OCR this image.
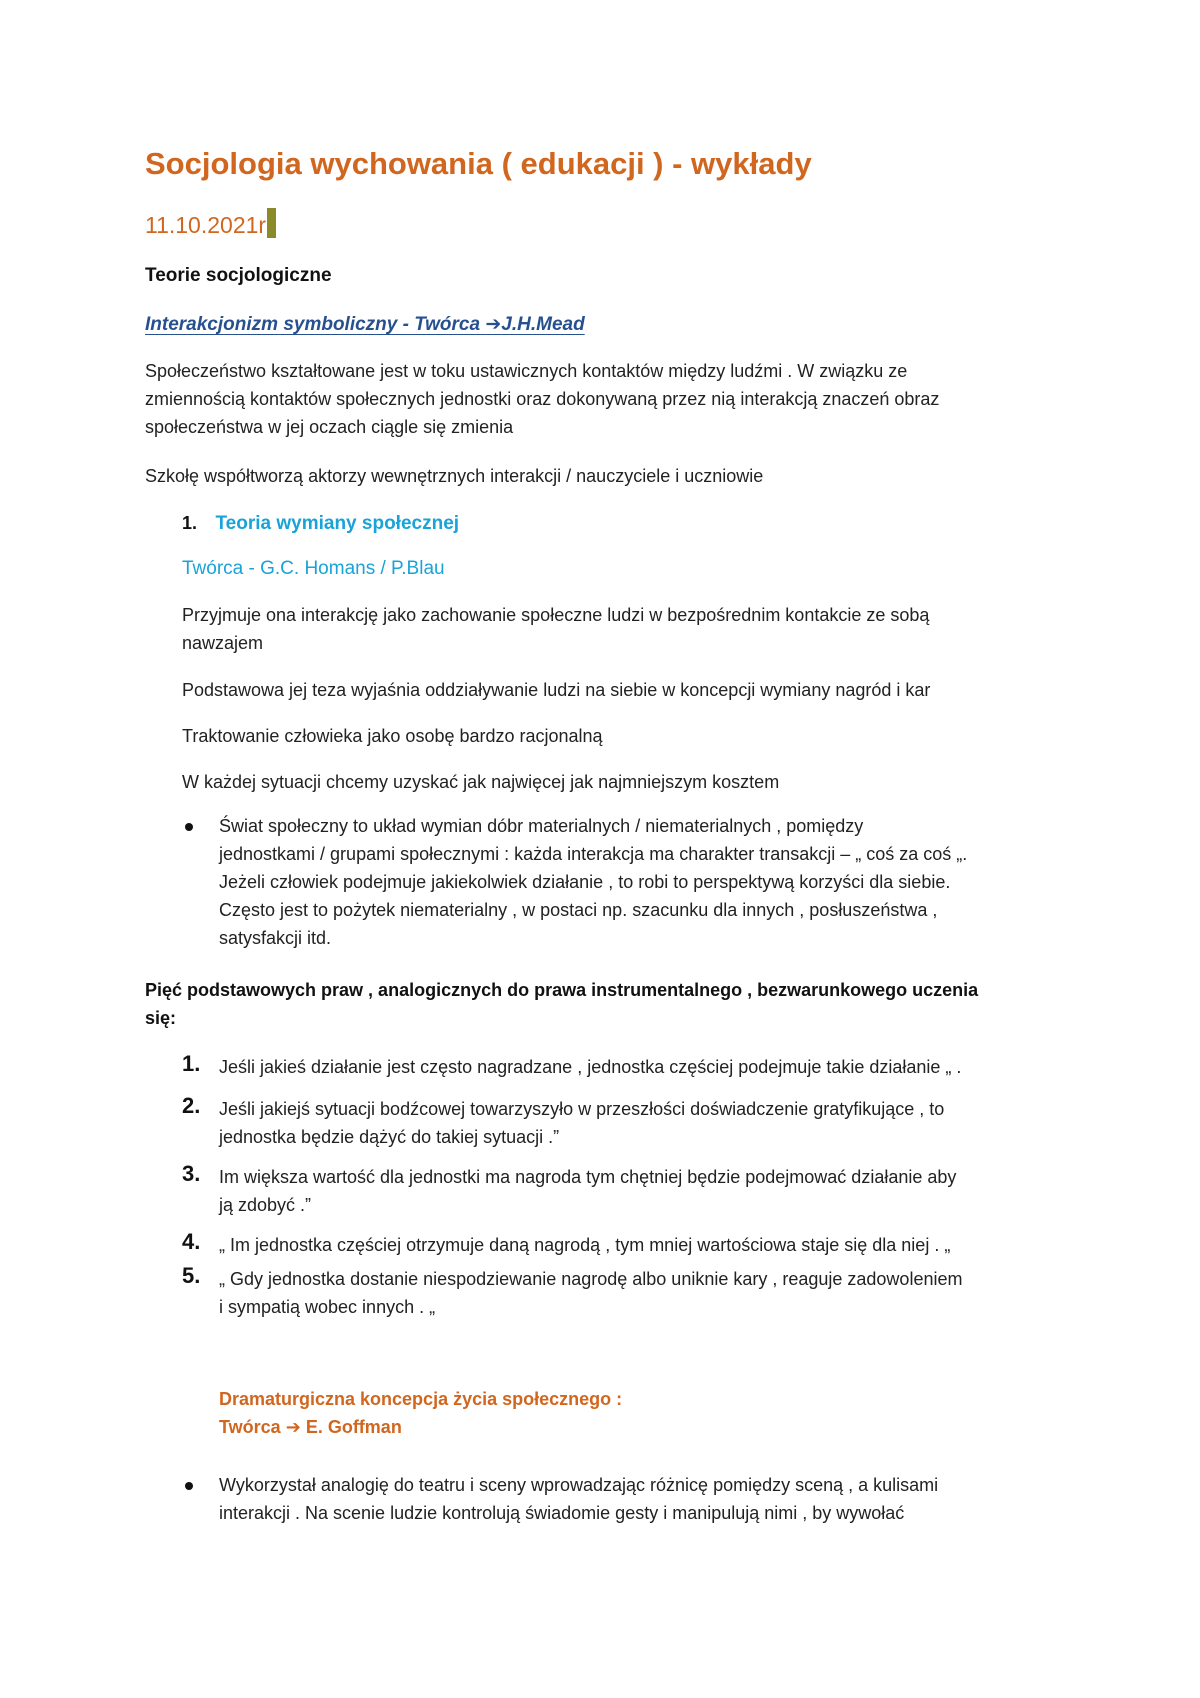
Socjologia wychowania ( edukacji ) - wykłady
11.10.2021r
Teorie socjologiczne
Interakcjonizm symboliczny - Twórca ➔J.H.Mead
Społeczeństwo kształtowane jest w toku ustawicznych kontaktów między ludźmi . W związku ze
zmiennością kontaktów społecznych jednostki oraz dokonywaną przez nią interakcją znaczeń obraz
społeczeństwa w jej oczach ciągle się zmienia
Szkołę współtworzą aktorzy wewnętrznych interakcji / nauczyciele i uczniowie
1. Teoria wymiany społecznej
Twórca - G.C. Homans / P.Blau
Przyjmuje ona interakcję jako zachowanie społeczne ludzi w bezpośrednim kontakcie ze sobą
nawzajem
Podstawowa jej teza wyjaśnia oddziaływanie ludzi na siebie w koncepcji wymiany nagród i kar
Traktowanie człowieka jako osobę bardzo racjonalną
W każdej sytuacji chcemy uzyskać jak najwięcej jak najmniejszym kosztem
Świat społeczny to układ wymian dóbr materialnych / niematerialnych , pomiędzy
jednostkami / grupami społecznymi : każda interakcja ma charakter transakcji – „ coś za coś „.
Jeżeli człowiek podejmuje jakiekolwiek działanie , to robi to perspektywą korzyści dla siebie.
Często jest to pożytek niematerialny , w postaci np. szacunku dla innych , posłuszeństwa ,
satysfakcji itd.
Pięć podstawowych praw , analogicznych do prawa instrumentalnego , bezwarunkowego uczenia
się:
1. Jeśli jakieś działanie jest często nagradzane , jednostka częściej podejmuje takie działanie „ .
2. Jeśli jakiejś sytuacji bodźcowej towarzyszyło w przeszłości doświadczenie gratyfikujące , to
jednostka będzie dążyć do takiej sytuacji .”
3. Im większa wartość dla jednostki ma nagroda tym chętniej będzie podejmować działanie aby
ją zdobyć .”
4. „ Im jednostka częściej otrzymuje daną nagrodą , tym mniej wartościowa staje się dla niej . „
5. „ Gdy jednostka dostanie niespodziewanie nagrodę albo uniknie kary , reaguje zadowoleniem
i sympatią wobec innych . „
Dramaturgiczna koncepcja życia społecznego :
Twórca ➔ E. Goffman
Wykorzystał analogię do teatru i sceny wprowadzając różnicę pomiędzy sceną , a kulisami
interakcji . Na scenie ludzie kontrolują świadomie gesty i manipulują nimi , by wywołać
